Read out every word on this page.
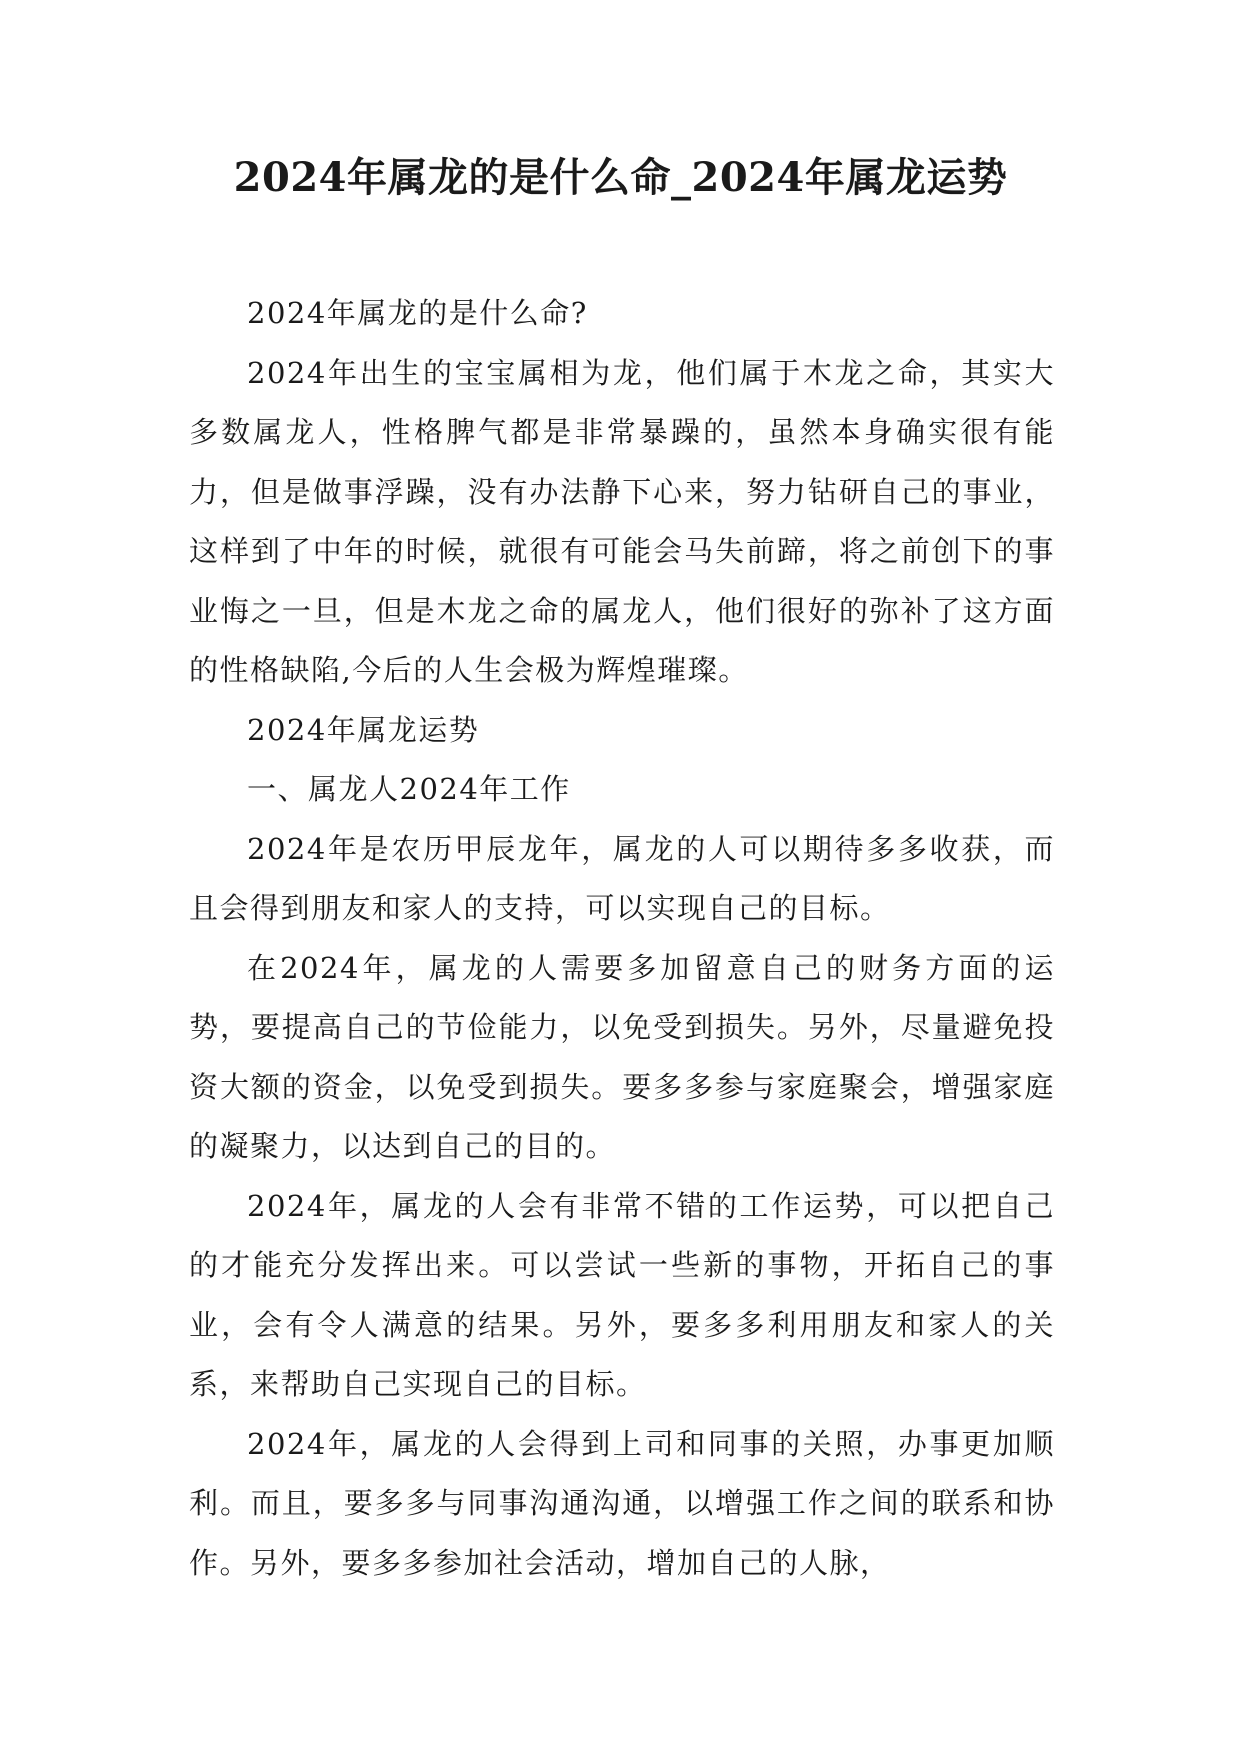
2024年属龙的是什么命_2024年属龙运势

2024年属龙的是什么命?

2024年出生的宝宝属相为龙，他们属于木龙之命，其实大多数属龙人，性格脾气都是非常暴躁的，虽然本身确实很有能力，但是做事浮躁，没有办法静下心来，努力钻研自己的事业，这样到了中年的时候，就很有可能会马失前蹄，将之前创下的事业悔之一旦，但是木龙之命的属龙人，他们很好的弥补了这方面的性格缺陷,今后的人生会极为辉煌璀璨。

2024年属龙运势

一、属龙人2024年工作

2024年是农历甲辰龙年，属龙的人可以期待多多收获，而且会得到朋友和家人的支持，可以实现自己的目标。

在2024年，属龙的人需要多加留意自己的财务方面的运势，要提高自己的节俭能力，以免受到损失。另外，尽量避免投资大额的资金，以免受到损失。要多多参与家庭聚会，增强家庭的凝聚力，以达到自己的目的。

2024年，属龙的人会有非常不错的工作运势，可以把自己的才能充分发挥出来。可以尝试一些新的事物，开拓自己的事业，会有令人满意的结果。另外，要多多利用朋友和家人的关系，来帮助自己实现自己的目标。

2024年，属龙的人会得到上司和同事的关照，办事更加顺利。而且，要多多与同事沟通沟通，以增强工作之间的联系和协作。另外，要多多参加社会活动，增加自己的人脉，
